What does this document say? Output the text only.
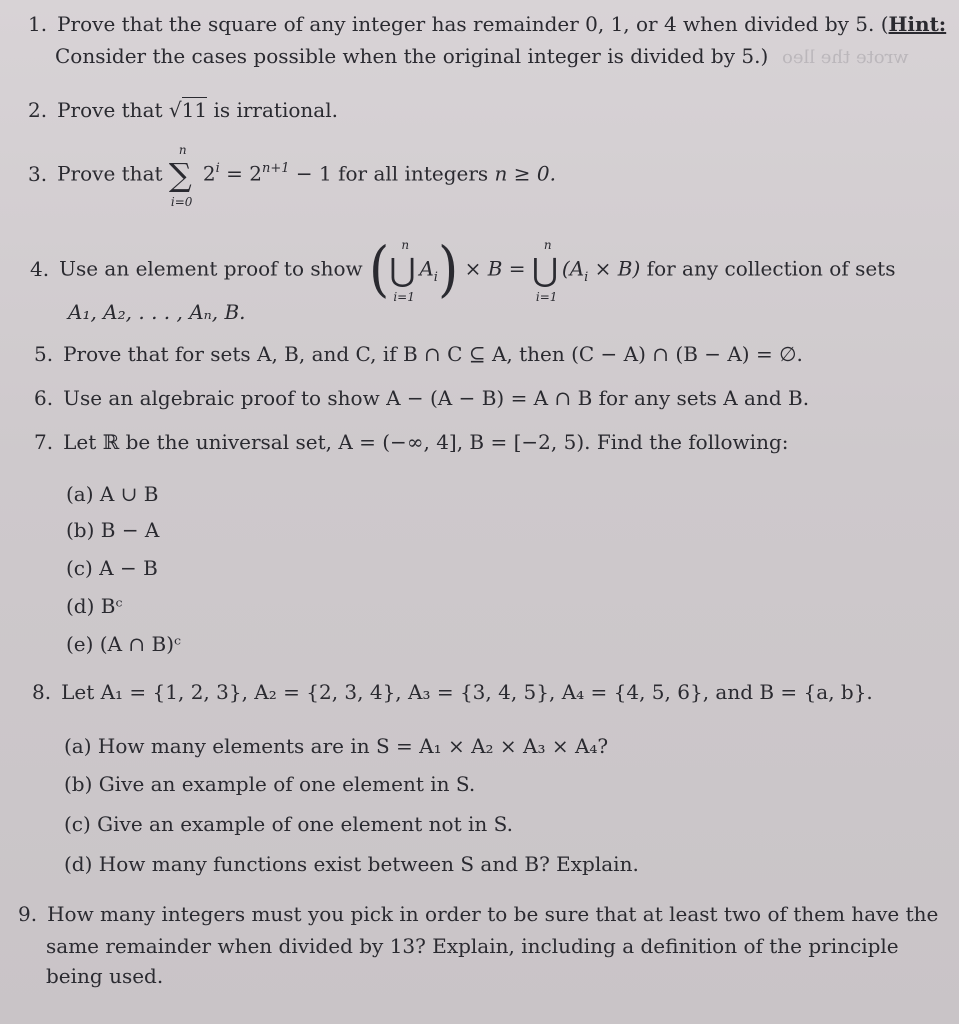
1. Prove that the square of any integer has remainder 0, 1, or 4 when divided by 5. (Hint:
Consider the cases possible when the original integer is divided by 5.) wrote the lleo
2. Prove that √11 is irrational.
3. Prove that ∑
n
i=0
$2^i = 2^{n+1} - 1$ for all integers n ≥ 0.
4. Use an element proof to show (⋃
n
i=1
$A_i) \times B$ = ⋃
n
i=1
$(A_i \times B)$ for any collection of sets
A₁, A₂, . . . , Aₙ, B.
5. Prove that for sets A, B, and C, if B ∩ C ⊆ A, then (C − A) ∩ (B − A) = ∅.
6. Use an algebraic proof to show A − (A − B) = A ∩ B for any sets A and B.
7. Let ℝ be the universal set, A = (−∞, 4], B = [−2, 5). Find the following:
(a) A ∪ B
(b) B − A
(c) A − B
(d) Bᶜ
(e) (A ∩ B)ᶜ
8. Let A₁ = {1, 2, 3}, A₂ = {2, 3, 4}, A₃ = {3, 4, 5}, A₄ = {4, 5, 6}, and B = {a, b}.
(a) How many elements are in S = A₁ × A₂ × A₃ × A₄?
(b) Give an example of one element in S.
(c) Give an example of one element not in S.
(d) How many functions exist between S and B? Explain.
9. How many integers must you pick in order to be sure that at least two of them have the
same remainder when divided by 13? Explain, including a definition of the principle
being used.
